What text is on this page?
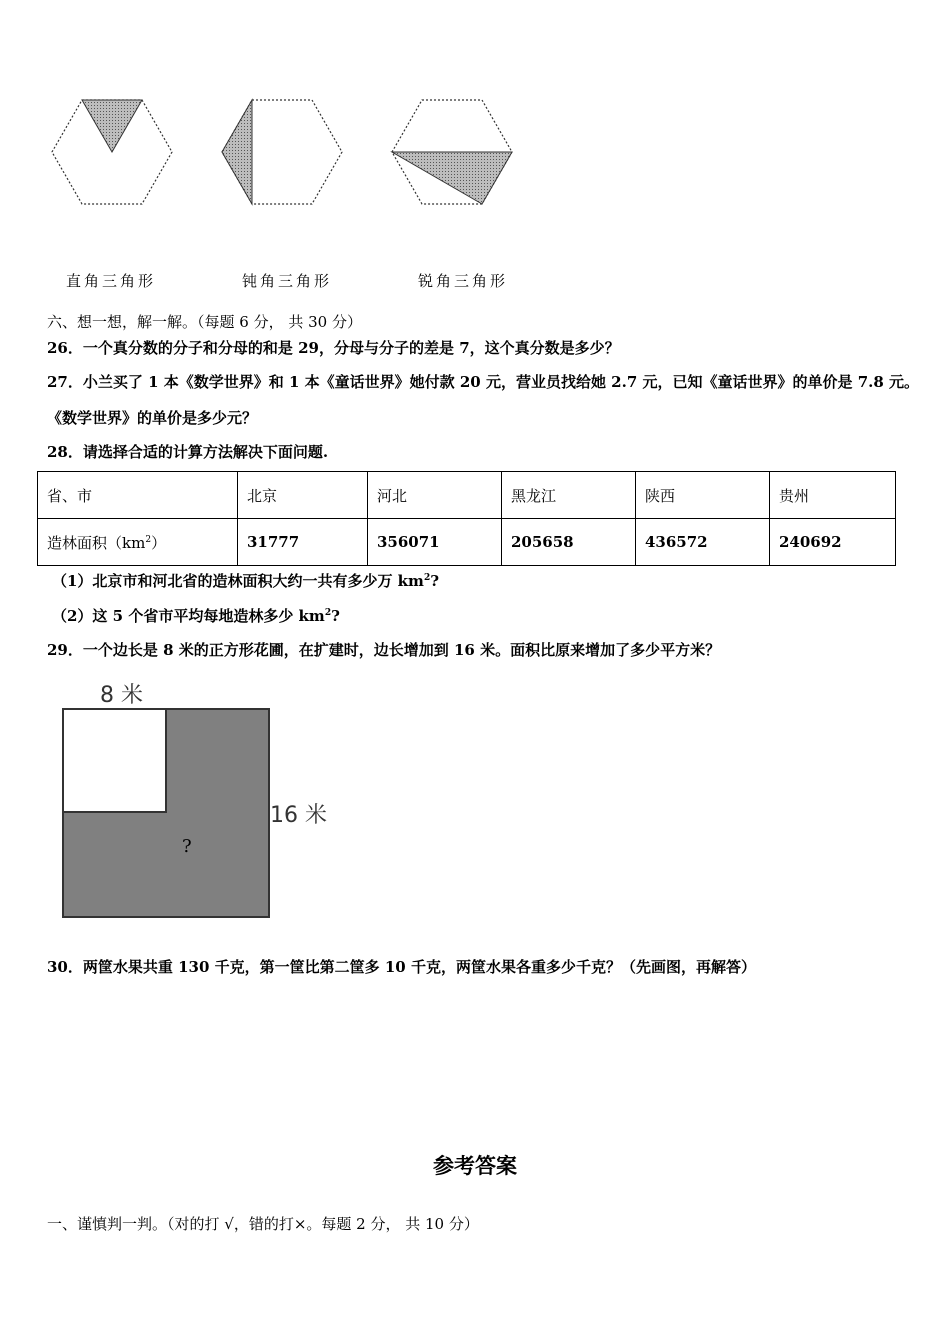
直角三角形	钝角三角形	锐角三角形
六、想一想，解一解。（每题 6 分， 共 30 分）
26．一个真分数的分子和分母的和是 29，分母与分子的差是 7，这个真分数是多少？
27．小兰买了 1 本《数学世界》和 1 本《童话世界》她付款 20 元，营业员找给她 2.7 元，已知《童话世界》的单价是 7.8 元。
《数学世界》的单价是多少元？
28．请选择合适的计算方法解决下面问题.
省、市	北京	河北	黑龙江	陕西	贵州
造林面积$(km^2)$	31777	356071	205658	436572	240692
（1）北京市和河北省的造林面积大约一共有多少万 $km^2$?
（2）这 5 个省市平均每地造林多少 $km^2$?
29．一个边长是 8 米的正方形花圃，在扩建时，边长增加到 16 米。面积比原来增加了多少平方米？
8 米
?
16 米
30．两筐水果共重 130 千克，第一筐比第二筐多 10 千克，两筐水果各重多少千克？（先画图，再解答）
参考答案
一、谨慎判一判。（对的打 √，错的打×。每题 2 分， 共 10 分）
